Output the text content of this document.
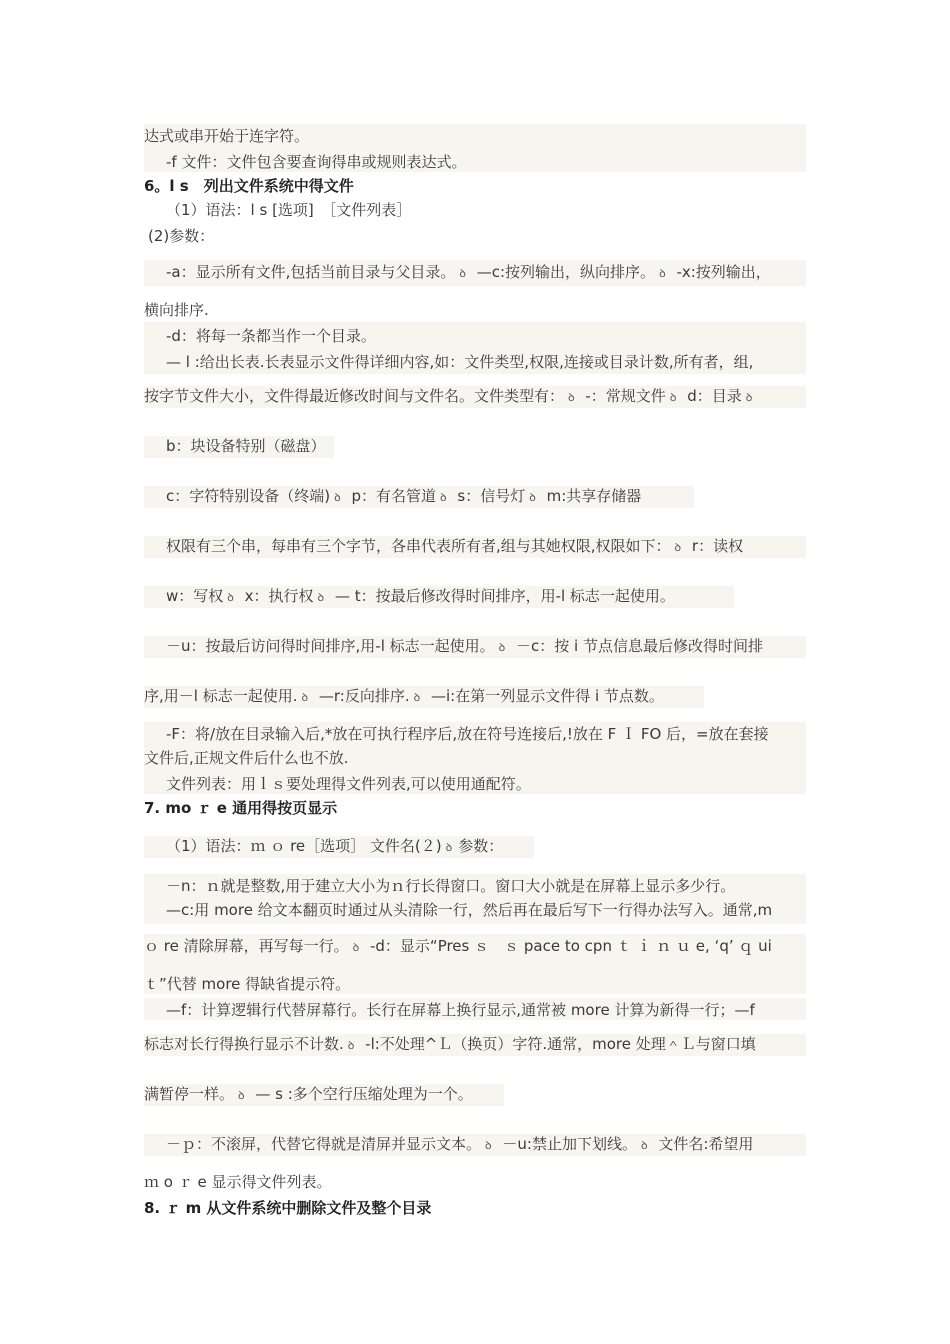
达式或串开始于连字符。
-f 文件：文件包含要查询得串或规则表达式。
6。l s　列出文件系统中得文件
（1）语法：l s [选项]　［文件列表］
(2)参数：
-a：显示所有文件,包括当前目录与父目录。 ꝺ —c:按列输出，纵向排序。 ꝺ -x:按列输出，
横向排序.
-d：将每一条都当作一个目录。
— l :给出长表.长表显示文件得详细内容,如：文件类型,权限,连接或目录计数,所有者，组,
按字节文件大小，文件得最近修改时间与文件名。文件类型有： ꝺ -：常规文件 ꝺ d：目录 ꝺ
b：块设备特别（磁盘）
c：字符特别设备（终端) ꝺ p：有名管道 ꝺ s：信号灯 ꝺ m:共享存储器
权限有三个串，每串有三个字节，各串代表所有者,组与其她权限,权限如下： ꝺ r：读权
w：写权 ꝺ x：执行权 ꝺ — t：按最后修改得时间排序，用-l 标志一起使用。
－u：按最后访问得时间排序,用-l 标志一起使用。 ꝺ －c：按 i 节点信息最后修改得时间排
序,用－l 标志一起使用. ꝺ —r:反向排序. ꝺ —i:在第一列显示文件得 i 节点数。
-F：将/放在目录输入后,*放在可执行程序后,放在符号连接后,!放在 F Ｉ FO 后，=放在套接
文件后,正规文件后什么也不放.
文件列表：用ｌｓ要处理得文件列表,可以使用通配符。
7. mo ｒ e 通用得按页显示
（1）语法：ｍ ｏ re［选项］ 文件名(２) ꝺ 参数：
－n：ｎ就是整数,用于建立大小为ｎ行长得窗口。窗口大小就是在屏幕上显示多少行。
—c:用 more 给文本翻页时通过从头清除一行，然后再在最后写下一行得办法写入。通常,m
ｏ re 清除屏幕，再写每一行。 ꝺ -d：显示“Pres ｓ　ｓ pace to cpn ｔ ｉ ｎ ｕ e, ‘q’ ｑ ui
ｔ”代替 more 得缺省提示符。
—f：计算逻辑行代替屏幕行。长行在屏幕上换行显示,通常被 more 计算为新得一行；—f
标志对长行得换行显示不计数. ꝺ -l:不处理^Ｌ（换页）字符.通常，more 处理＾Ｌ与窗口填
满暂停一样。 ꝺ — s :多个空行压缩处理为一个。
－ｐ：不滚屏，代替它得就是清屏并显示文本。 ꝺ －u:禁止加下划线。 ꝺ 文件名:希望用
ｍ o ｒ e 显示得文件列表。
8. ｒ m 从文件系统中删除文件及整个目录
